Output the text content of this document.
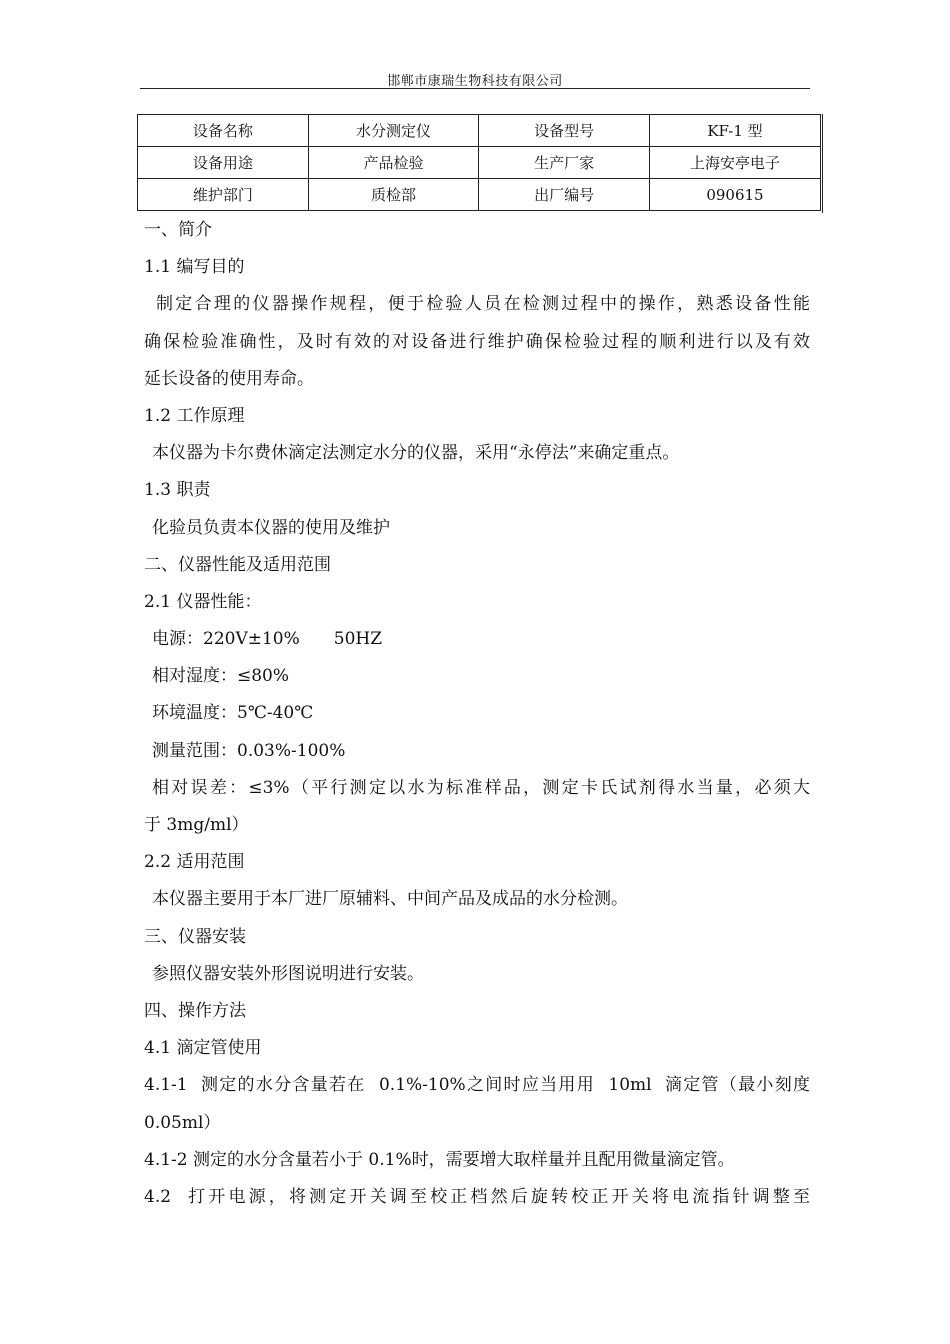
邯郸市康瑞生物科技有限公司
设备名称	水分测定仪	设备型号	KF-1 型
设备用途	产品检验	生产厂家	上海安亭电子
维护部门	质检部	出厂编号	090615
一、简介
1.1 编写目的
制定合理的仪器操作规程，便于检验人员在检测过程中的操作，熟悉设备性能
确保检验准确性，及时有效的对设备进行维护确保检验过程的顺利进行以及有效
延长设备的使用寿命。
1.2 工作原理
本仪器为卡尔费休滴定法测定水分的仪器，采用“永停法”来确定重点。
1.3 职责
化验员负责本仪器的使用及维护
二、仪器性能及适用范围
2.1 仪器性能：
电源：220V±10%　　50HZ
相对湿度：≤80%
环境温度：5℃-40℃
测量范围：0.03%-100%
相对误差：≤3%（平行测定以水为标准样品，测定卡氏试剂得水当量，必须大
于 3mg/ml）
2.2 适用范围
本仪器主要用于本厂进厂原辅料、中间产品及成品的水分检测。
三、仪器安装
参照仪器安装外形图说明进行安装。
四、操作方法
4.1 滴定管使用
4.1-1  测定的水分含量若在  0.1%-10%之间时应当用用  10ml  滴定管（最小刻度
0.05ml）
4.1-2 测定的水分含量若小于 0.1%时，需要增大取样量并且配用微量滴定管。
4.2  打开电源，将测定开关调至校正档然后旋转校正开关将电流指针调整至
